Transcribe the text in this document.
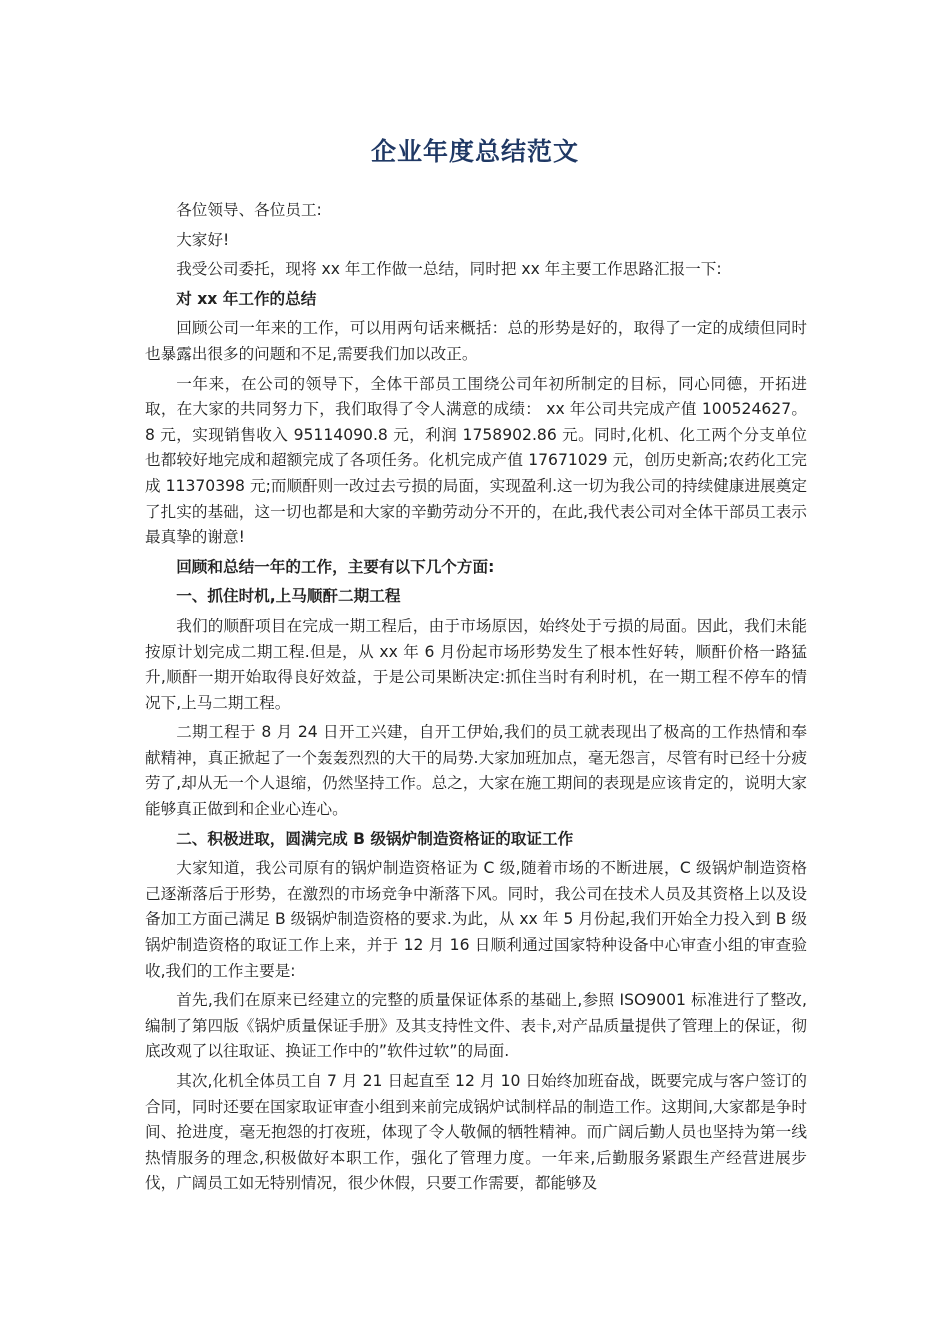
企业年度总结范文

各位领导、各位员工:

大家好!

我受公司委托，现将 xx 年工作做一总结，同时把 xx 年主要工作思路汇报一下:

对 xx 年工作的总结

回顾公司一年来的工作，可以用两句话来概括：总的形势是好的，取得了一定的成绩但同时也暴露出很多的问题和不足,需要我们加以改正。

一年来，在公司的领导下，全体干部员工围绕公司年初所制定的目标，同心同德，开拓进取，在大家的共同努力下，我们取得了令人满意的成绩： xx 年公司共完成产值 100524627。8 元，实现销售收入 95114090.8 元，利润 1758902.86 元。同时,化机、化工两个分支单位也都较好地完成和超额完成了各项任务。化机完成产值 17671029 元，创历史新高;农药化工完成 11370398 元;而顺酐则一改过去亏损的局面，实现盈利.这一切为我公司的持续健康进展奠定了扎实的基础，这一切也都是和大家的辛勤劳动分不开的，在此,我代表公司对全体干部员工表示最真挚的谢意!

回顾和总结一年的工作，主要有以下几个方面:

一、抓住时机,上马顺酐二期工程

我们的顺酐项目在完成一期工程后，由于市场原因，始终处于亏损的局面。因此，我们未能按原计划完成二期工程.但是，从 xx 年 6 月份起市场形势发生了根本性好转，顺酐价格一路猛升,顺酐一期开始取得良好效益，于是公司果断决定:抓住当时有利时机，在一期工程不停车的情况下,上马二期工程。

二期工程于 8 月 24 日开工兴建，自开工伊始,我们的员工就表现出了极高的工作热情和奉献精神，真正掀起了一个轰轰烈烈的大干的局势.大家加班加点，毫无怨言，尽管有时已经十分疲劳了,却从无一个人退缩，仍然坚持工作。总之，大家在施工期间的表现是应该肯定的，说明大家能够真正做到和企业心连心。

二、积极进取，圆满完成 B 级锅炉制造资格证的取证工作

大家知道，我公司原有的锅炉制造资格证为 C 级,随着市场的不断进展，C 级锅炉制造资格己逐渐落后于形势，在激烈的市场竞争中渐落下风。同时，我公司在技术人员及其资格上以及设备加工方面己满足 B 级锅炉制造资格的要求.为此，从 xx 年 5 月份起,我们开始全力投入到 B 级锅炉制造资格的取证工作上来，并于 12 月 16 日顺利通过国家特种设备中心审查小组的审查验收,我们的工作主要是:

首先,我们在原来已经建立的完整的质量保证体系的基础上,参照 ISO9001 标准进行了整改,编制了第四版《锅炉质量保证手册》及其支持性文件、表卡,对产品质量提供了管理上的保证，彻底改观了以往取证、换证工作中的”软件过软”的局面.

其次,化机全体员工自 7 月 21 日起直至 12 月 10 日始终加班奋战，既要完成与客户签订的合同，同时还要在国家取证审查小组到来前完成锅炉试制样品的制造工作。这期间,大家都是争时间、抢进度，毫无抱怨的打夜班，体现了令人敬佩的牺牲精神。而广阔后勤人员也坚持为第一线热情服务的理念,积极做好本职工作，强化了管理力度。一年来,后勤服务紧跟生产经营进展步伐，广阔员工如无特别情况，很少休假，只要工作需要，都能够及
